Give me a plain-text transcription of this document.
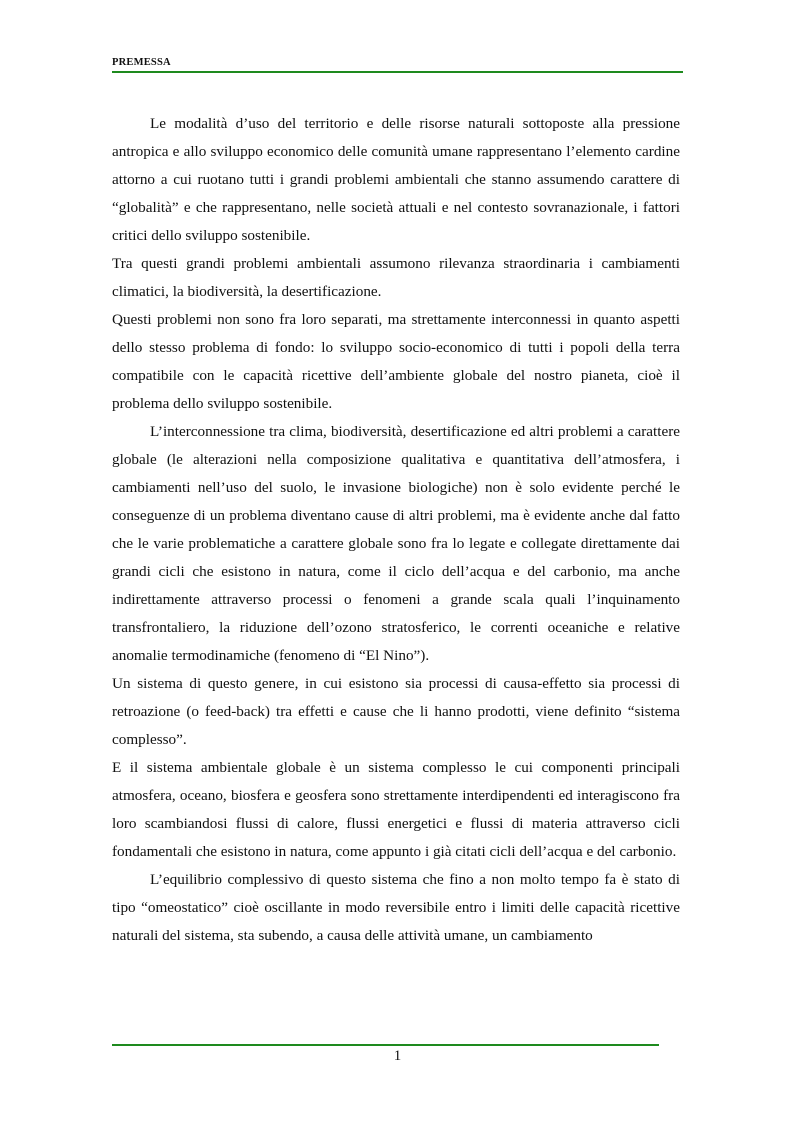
PREMESSA

Le modalità d’uso del territorio e delle risorse naturali sottoposte alla pressione antropica e allo sviluppo economico delle comunità umane rappresentano l’elemento cardine attorno a cui ruotano tutti i grandi problemi ambientali che stanno assumendo carattere di “globalità” e che rappresentano, nelle società attuali e nel contesto sovranazionale, i fattori critici dello sviluppo sostenibile.

Tra questi grandi problemi ambientali assumono rilevanza straordinaria i cambiamenti climatici, la biodiversità, la desertificazione.

Questi problemi non sono fra loro separati, ma strettamente interconnessi in quanto aspetti dello stesso problema di fondo: lo sviluppo socio-economico di tutti i popoli della terra compatibile con le capacità ricettive dell’ambiente globale del nostro pianeta, cioè il problema dello sviluppo sostenibile.

L’interconnessione tra clima, biodiversità, desertificazione ed altri problemi a carattere globale (le alterazioni nella composizione qualitativa e quantitativa dell’atmosfera, i cambiamenti nell’uso del suolo, le invasione biologiche) non è solo evidente perché le conseguenze di un problema diventano cause di altri problemi, ma è evidente anche dal fatto che le varie problematiche a carattere globale sono fra lo legate e collegate direttamente dai grandi cicli che esistono in natura, come il ciclo dell’acqua e del carbonio, ma anche indirettamente attraverso processi o fenomeni a grande scala quali l’inquinamento transfrontaliero, la riduzione dell’ozono stratosferico, le correnti oceaniche e relative anomalie termodinamiche (fenomeno di “El Nino”).

Un sistema di questo genere, in cui esistono sia processi di causa-effetto sia processi di retroazione (o feed-back) tra effetti e cause che li hanno prodotti, viene definito “sistema complesso”.

E il sistema ambientale globale è un sistema complesso le cui componenti principali atmosfera, oceano, biosfera e geosfera sono strettamente interdipendenti ed interagiscono fra loro scambiandosi flussi di calore, flussi energetici e flussi di materia attraverso cicli fondamentali che esistono in natura, come appunto i già citati cicli dell’acqua e del carbonio.

L’equilibrio complessivo di questo sistema che fino a non molto tempo fa è stato di tipo “omeostatico” cioè oscillante in modo reversibile entro i limiti delle capacità ricettive naturali del sistema, sta subendo, a causa delle attività umane, un cambiamento

1
